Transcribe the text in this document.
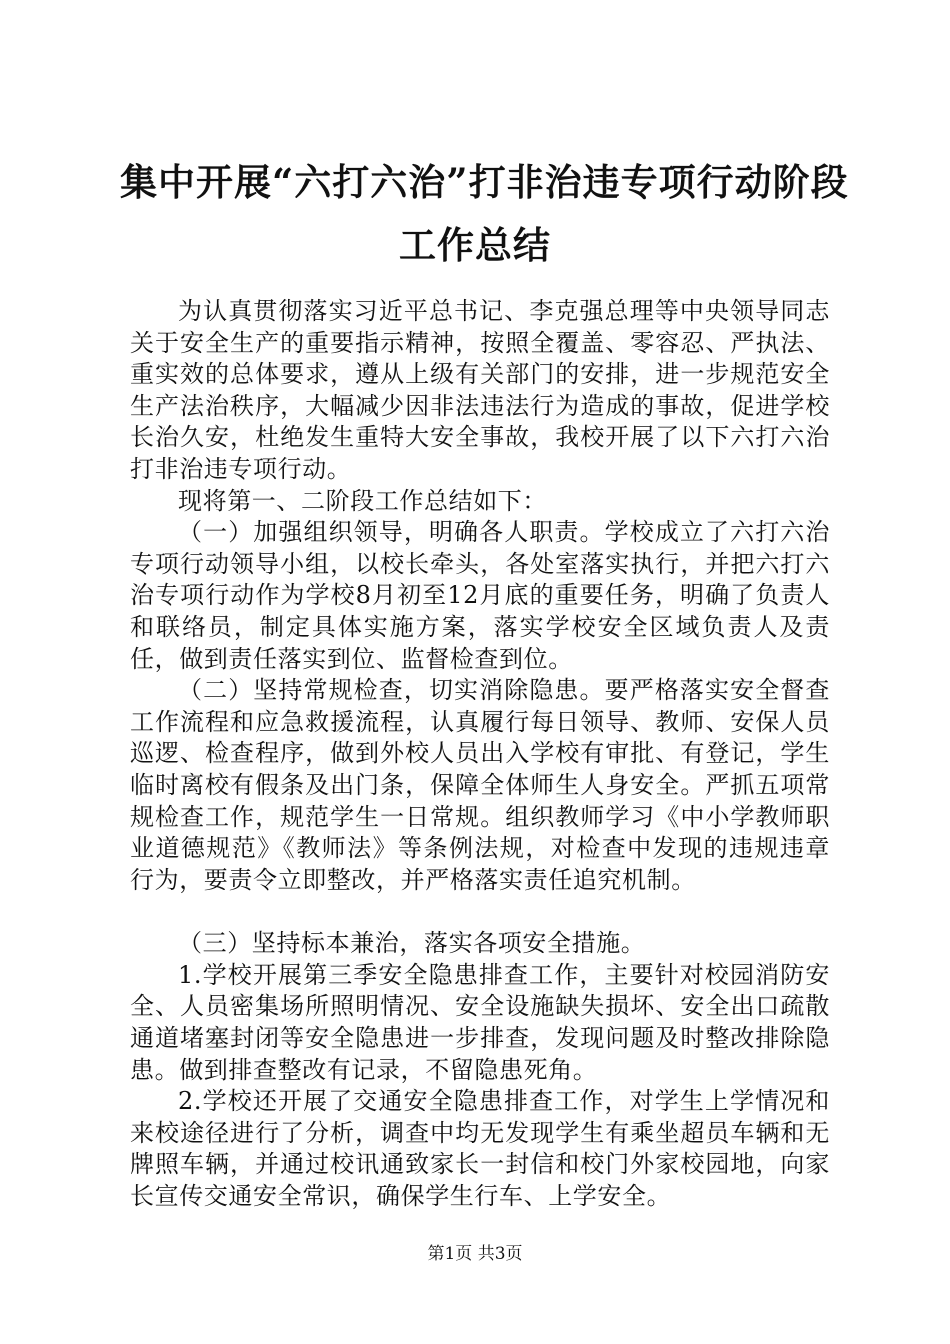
集中开展“六打六治”打非治违专项行动阶段
工作总结

为认真贯彻落实习近平总书记、李克强总理等中央领导同志关于安全生产的重要指示精神，按照全覆盖、零容忍、严执法、重实效的总体要求，遵从上级有关部门的安排，进一步规范安全生产法治秩序，大幅减少因非法违法行为造成的事故，促进学校长治久安，杜绝发生重特大安全事故，我校开展了以下六打六治打非治违专项行动。

现将第一、二阶段工作总结如下：

（一）加强组织领导，明确各人职责。学校成立了六打六治专项行动领导小组，以校长牵头，各处室落实执行，并把六打六治专项行动作为学校8月初至12月底的重要任务，明确了负责人和联络员，制定具体实施方案，落实学校安全区域负责人及责任，做到责任落实到位、监督检查到位。

（二）坚持常规检查，切实消除隐患。要严格落实安全督查工作流程和应急救援流程，认真履行每日领导、教师、安保人员巡逻、检查程序，做到外校人员出入学校有审批、有登记，学生临时离校有假条及出门条，保障全体师生人身安全。严抓五项常规检查工作，规范学生一日常规。组织教师学习《中小学教师职业道德规范》《教师法》等条例法规，对检查中发现的违规违章行为，要责令立即整改，并严格落实责任追究机制。

（三）坚持标本兼治，落实各项安全措施。

1.学校开展第三季安全隐患排查工作，主要针对校园消防安全、人员密集场所照明情况、安全设施缺失损坏、安全出口疏散通道堵塞封闭等安全隐患进一步排查，发现问题及时整改排除隐患。做到排查整改有记录，不留隐患死角。

2.学校还开展了交通安全隐患排查工作，对学生上学情况和来校途径进行了分析，调查中均无发现学生有乘坐超员车辆和无牌照车辆，并通过校讯通致家长一封信和校门外家校园地，向家长宣传交通安全常识，确保学生行车、上学安全。

第1页 共3页
